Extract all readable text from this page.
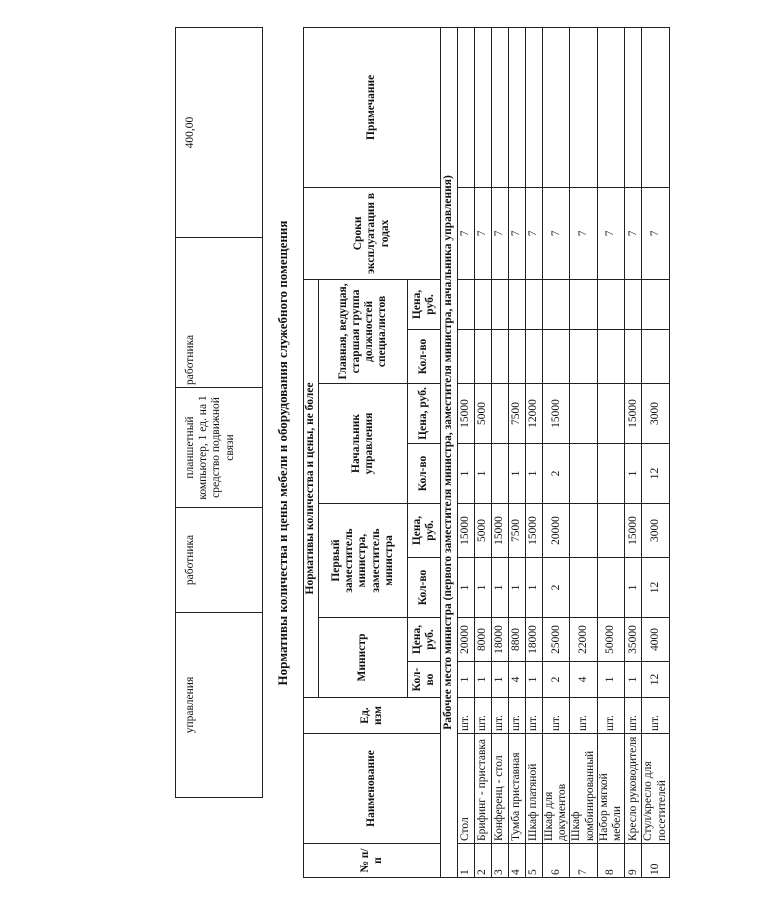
управления	работника	планшетный компьютер, 1 ед. на 1 средство подвижной связи	работника	400,00
Нормативы количества и цены мебели и оборудования служебного помещения
№ п/п	Наименование	Ед. изм	Нормативы количества и цены, не более								Сроки эксплуатации в годах	Примечание
			Министр		Первый заместитель министра, заместитель министра		Начальник управления		Главная, ведущая, старшая группа должностей специалистов			
			Кол-во	Цена, руб.	Кол-во	Цена, руб.	Кол-во	Цена, руб.	Кол-во	Цена, руб.		
Рабочее место министра (первого заместителя министра, заместителя министра, начальника управления)												
1	Стол	шт.	1	20000	1	15000	1	15000			7	
2	Брифинг - приставка	шт.	1	8000	1	5000	1	5000			7	
3	Конференц - стол	шт.	1	18000	1	15000					7	
4	Тумба приставная	шт.	4	8800	1	7500	1	7500			7	
5	Шкаф платяной	шт.	1	18000	1	15000	1	12000			7	
6	Шкаф для документов	шт.	2	25000	2	20000	2	15000			7	
7	Шкаф комбинированный	шт.	4	22000							7	
8	Набор мягкой мебели	шт.	1	50000							7	
9	Кресло руководителя	шт.	1	35000	1	15000	1	15000			7	
10	Стул/кресло для посетителей	шт.	12	4000	12	3000	12	3000			7	
